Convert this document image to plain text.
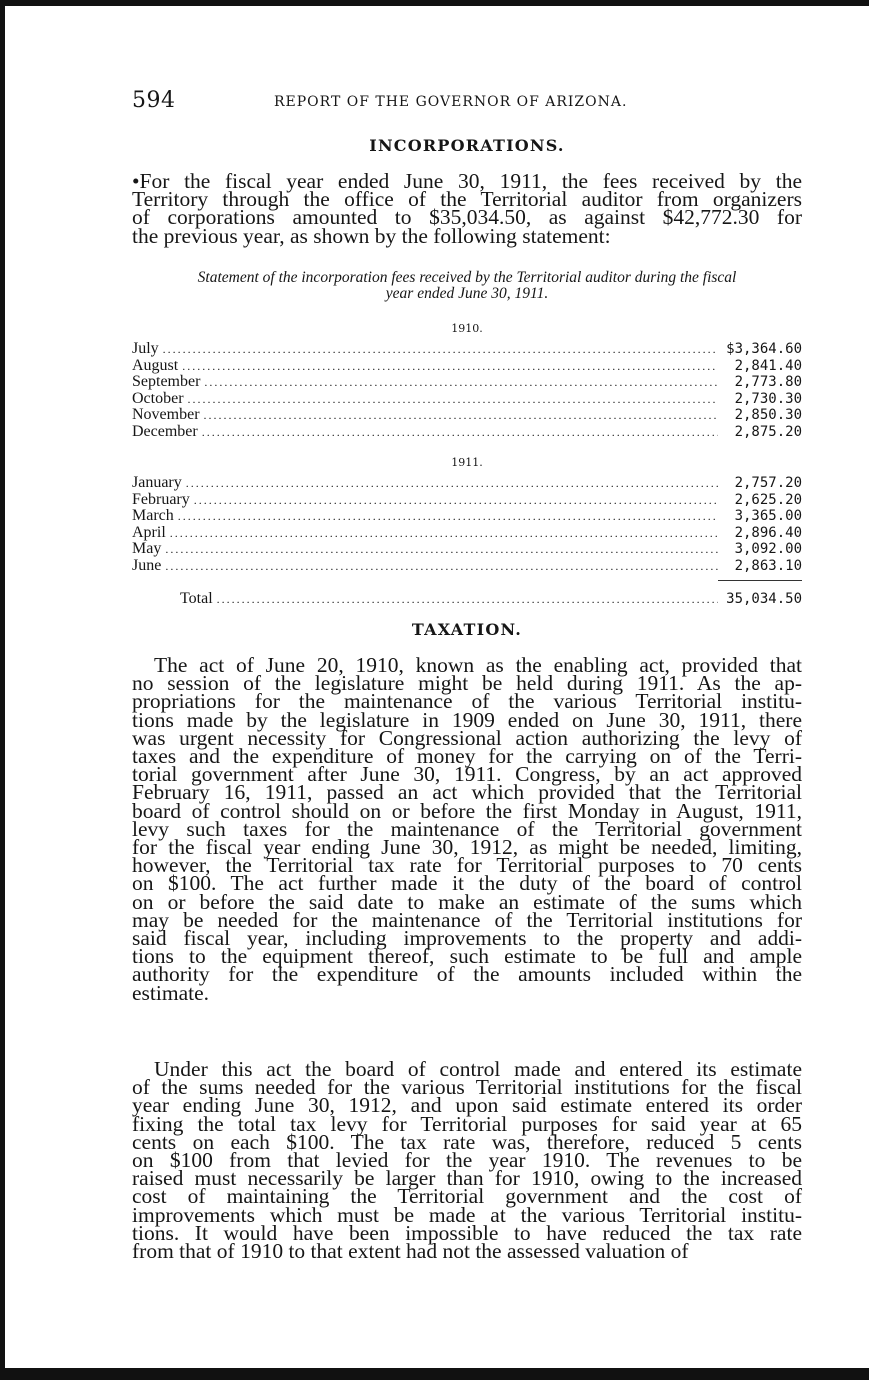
594	REPORT OF THE GOVERNOR OF ARIZONA.
INCORPORATIONS.
•For the fiscal year ended June 30, 1911, the fees received by the
Territory through the office of the Territorial auditor from organizers
of corporations amounted to $35,034.50, as against $42,772.30 for
the previous year, as shown by the following statement:
Statement of the incorporation fees received by the Territorial auditor during the fiscal
year ended June 30, 1911.
1910.
July .....	$3,364.60
August .....	2,841.40
September .....	2,773.80
October .....	2,730.30
November .....	2,850.30
December .....	2,875.20
1911.
January .....	2,757.20
February .....	2,625.20
March .....	3,365.00
April .....	2,896.40
May .....	3,092.00
June .....	2,863.10
Total .....	35,034.50
TAXATION.
The act of June 20, 1910, known as the enabling act, provided that
no session of the legislature might be held during 1911. As the ap-
propriations for the maintenance of the various Territorial institu-
tions made by the legislature in 1909 ended on June 30, 1911, there
was urgent necessity for Congressional action authorizing the levy of
taxes and the expenditure of money for the carrying on of the Terri-
torial government after June 30, 1911. Congress, by an act approved
February 16, 1911, passed an act which provided that the Territorial
board of control should on or before the first Monday in August, 1911,
levy such taxes for the maintenance of the Territorial government
for the fiscal year ending June 30, 1912, as might be needed, limiting,
however, the Territorial tax rate for Territorial purposes to 70 cents
on $100. The act further made it the duty of the board of control
on or before the said date to make an estimate of the sums which
may be needed for the maintenance of the Territorial institutions for
said fiscal year, including improvements to the property and addi-
tions to the equipment thereof, such estimate to be full and ample
authority for the expenditure of the amounts included within the
estimate.
Under this act the board of control made and entered its estimate
of the sums needed for the various Territorial institutions for the fiscal
year ending June 30, 1912, and upon said estimate entered its order
fixing the total tax levy for Territorial purposes for said year at 65
cents on each $100. The tax rate was, therefore, reduced 5 cents
on $100 from that levied for the year 1910. The revenues to be
raised must necessarily be larger than for 1910, owing to the increased
cost of maintaining the Territorial government and the cost of
improvements which must be made at the various Territorial institu-
tions. It would have been impossible to have reduced the tax rate
from that of 1910 to that extent had not the assessed valuation of
